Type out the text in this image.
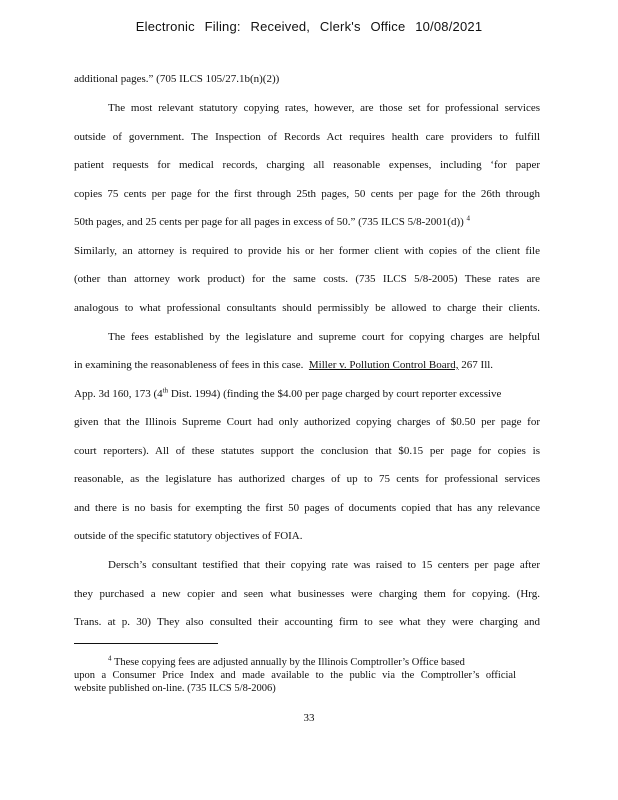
Electronic Filing: Received, Clerk's Office 10/08/2021
additional pages.” (705 ILCS 105/27.1b(n)(2))
The most relevant statutory copying rates, however, are those set for professional services
outside of government. The Inspection of Records Act requires health care providers to fulfill
patient requests for medical records, charging all reasonable expenses, including ‘for paper
copies 75 cents per page for the first through 25th pages, 50 cents per page for the 26th through
50th pages, and 25 cents per page for all pages in excess of 50.” (735 ILCS 5/8-2001(d)) $^4$
Similarly, an attorney is required to provide his or her former client with copies of the client file
(other than attorney work product) for the same costs. (735 ILCS 5/8-2005) These rates are
analogous to what professional consultants should permissibly be allowed to charge their clients.
The fees established by the legislature and supreme court for copying charges are helpful
in examining the reasonableness of fees in this case. Miller v. Pollution Control Board, 267 Ill.
App. 3d 160, 173 (4th Dist. 1994) (finding the $4.00 per page charged by court reporter excessive
given that the Illinois Supreme Court had only authorized copying charges of $0.50 per page for
court reporters). All of these statutes support the conclusion that $0.15 per page for copies is
reasonable, as the legislature has authorized charges of up to 75 cents for professional services
and there is no basis for exempting the first 50 pages of documents copied that has any relevance
outside of the specific statutory objectives of FOIA.
Dersch’s consultant testified that their copying rate was raised to 15 centers per page after
they purchased a new copier and seen what businesses were charging them for copying. (Hrg.
Trans. at p. 30) They also consulted their accounting firm to see what they were charging and
$^4$ These copying fees are adjusted annually by the Illinois Comptroller’s Office based
upon a Consumer Price Index and made available to the public via the Comptroller’s official
website published on-line. (735 ILCS 5/8-2006)
33
